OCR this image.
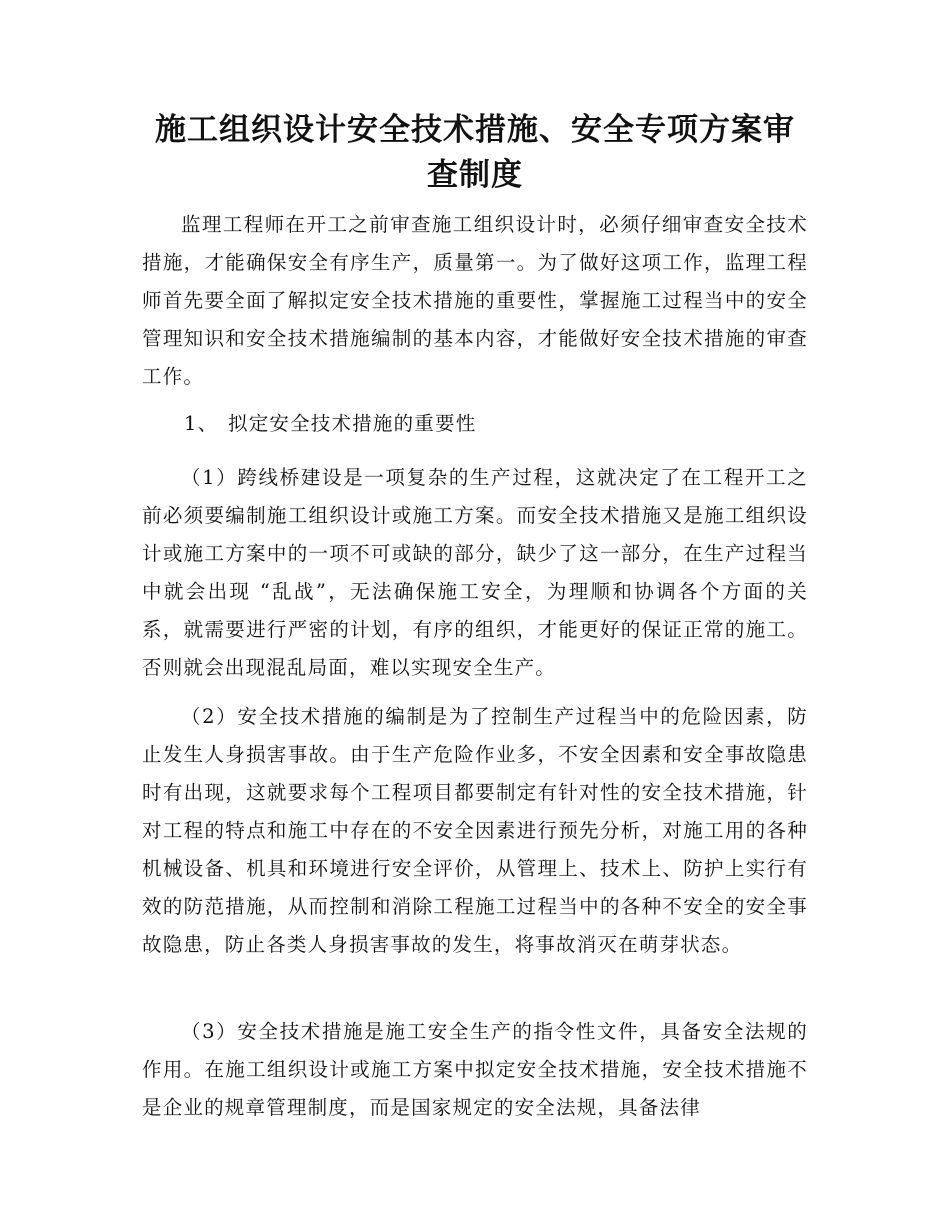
施工组织设计安全技术措施、安全专项方案审查制度

监理工程师在开工之前审查施工组织设计时，必须仔细审查安全技术措施，才能确保安全有序生产，质量第一。为了做好这项工作，监理工程师首先要全面了解拟定安全技术措施的重要性，掌握施工过程当中的安全管理知识和安全技术措施编制的基本内容，才能做好安全技术措施的审查工作。

1、 拟定安全技术措施的重要性

（1）跨线桥建设是一项复杂的生产过程，这就决定了在工程开工之前必须要编制施工组织设计或施工方案。而安全技术措施又是施工组织设计或施工方案中的一项不可或缺的部分，缺少了这一部分，在生产过程当中就会出现 “乱战”，无法确保施工安全，为理顺和协调各个方面的关系，就需要进行严密的计划，有序的组织，才能更好的保证正常的施工。否则就会出现混乱局面，难以实现安全生产。

（2）安全技术措施的编制是为了控制生产过程当中的危险因素，防止发生人身损害事故。由于生产危险作业多，不安全因素和安全事故隐患时有出现，这就要求每个工程项目都要制定有针对性的安全技术措施，针对工程的特点和施工中存在的不安全因素进行预先分析，对施工用的各种机械设备、机具和环境进行安全评价，从管理上、技术上、防护上实行有效的防范措施，从而控制和消除工程施工过程当中的各种不安全的安全事故隐患，防止各类人身损害事故的发生，将事故消灭在萌芽状态。

（3）安全技术措施是施工安全生产的指令性文件，具备安全法规的作用。在施工组织设计或施工方案中拟定安全技术措施，安全技术措施不是企业的规章管理制度，而是国家规定的安全法规，具备法律
